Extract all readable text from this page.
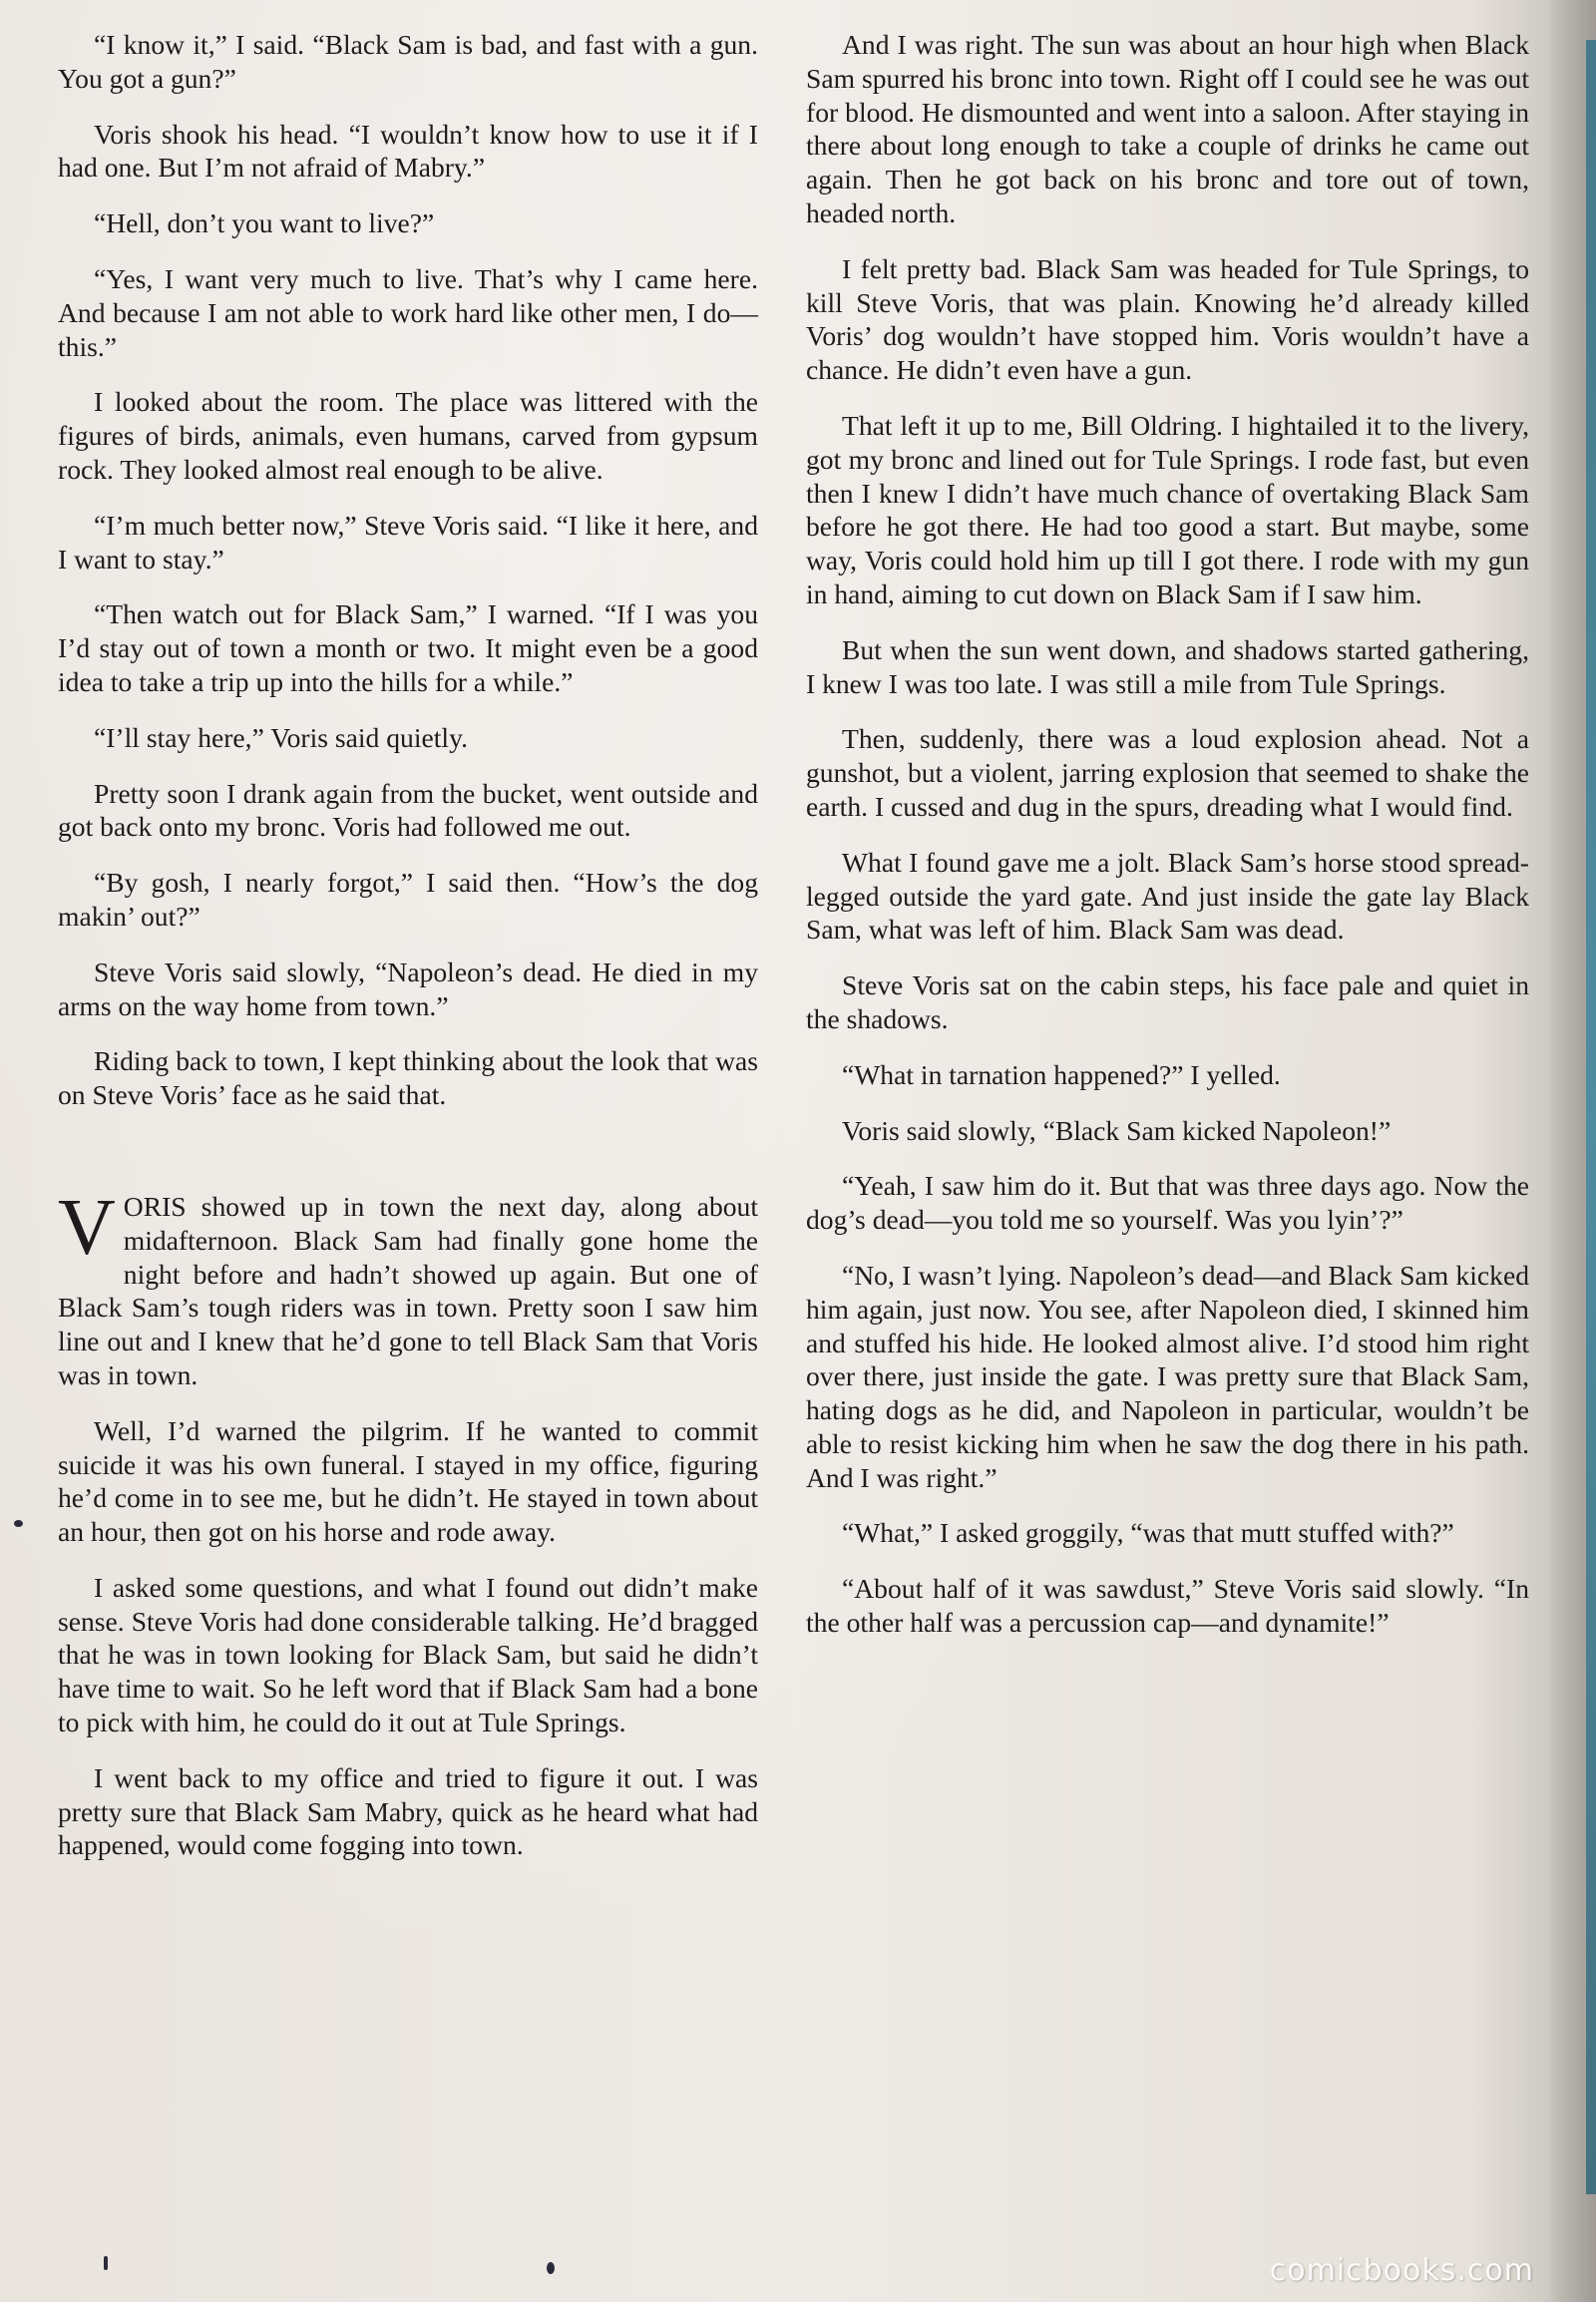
“I know it,” I said. “Black Sam is bad, and fast with a gun. You got a gun?”

Voris shook his head. “I wouldn’t know how to use it if I had one. But I’m not afraid of Mabry.”

“Hell, don’t you want to live?”

“Yes, I want very much to live. That’s why I came here. And because I am not able to work hard like other men, I do—this.”

I looked about the room. The place was littered with the figures of birds, animals, even humans, carved from gypsum rock. They looked almost real enough to be alive.

“I’m much better now,” Steve Voris said. “I like it here, and I want to stay.”

“Then watch out for Black Sam,” I warned. “If I was you I’d stay out of town a month or two. It might even be a good idea to take a trip up into the hills for a while.”

“I’ll stay here,” Voris said quietly.

Pretty soon I drank again from the bucket, went outside and got back onto my bronc. Voris had followed me out.

“By gosh, I nearly forgot,” I said then. “How’s the dog makin’ out?”

Steve Voris said slowly, “Napoleon’s dead. He died in my arms on the way home from town.”

Riding back to town, I kept thinking about the look that was on Steve Voris’ face as he said that.

VORIS showed up in town the next day, along about midafternoon. Black Sam had finally gone home the night before and hadn’t showed up again. But one of Black Sam’s tough riders was in town. Pretty soon I saw him line out and I knew that he’d gone to tell Black Sam that Voris was in town.

Well, I’d warned the pilgrim. If he wanted to commit suicide it was his own funeral. I stayed in my office, figuring he’d come in to see me, but he didn’t. He stayed in town about an hour, then got on his horse and rode away.

I asked some questions, and what I found out didn’t make sense. Steve Voris had done considerable talking. He’d bragged that he was in town looking for Black Sam, but said he didn’t have time to wait. So he left word that if Black Sam had a bone to pick with him, he could do it out at Tule Springs.

I went back to my office and tried to figure it out. I was pretty sure that Black Sam Mabry, quick as he heard what had happened, would come fogging into town.

And I was right. The sun was about an hour high when Black Sam spurred his bronc into town. Right off I could see he was out for blood. He dismounted and went into a saloon. After staying in there about long enough to take a couple of drinks he came out again. Then he got back on his bronc and tore out of town, headed north.

I felt pretty bad. Black Sam was headed for Tule Springs, to kill Steve Voris, that was plain. Knowing he’d already killed Voris’ dog wouldn’t have stopped him. Voris wouldn’t have a chance. He didn’t even have a gun.

That left it up to me, Bill Oldring. I hightailed it to the livery, got my bronc and lined out for Tule Springs. I rode fast, but even then I knew I didn’t have much chance of overtaking Black Sam before he got there. He had too good a start. But maybe, some way, Voris could hold him up till I got there. I rode with my gun in hand, aiming to cut down on Black Sam if I saw him.

But when the sun went down, and shadows started gathering, I knew I was too late. I was still a mile from Tule Springs.

Then, suddenly, there was a loud explosion ahead. Not a gunshot, but a violent, jarring explosion that seemed to shake the earth. I cussed and dug in the spurs, dreading what I would find.

What I found gave me a jolt. Black Sam’s horse stood spread-legged outside the yard gate. And just inside the gate lay Black Sam, what was left of him. Black Sam was dead.

Steve Voris sat on the cabin steps, his face pale and quiet in the shadows.

“What in tarnation happened?” I yelled.

Voris said slowly, “Black Sam kicked Napoleon!”

“Yeah, I saw him do it. But that was three days ago. Now the dog’s dead—you told me so yourself. Was you lyin’?”

“No, I wasn’t lying. Napoleon’s dead—and Black Sam kicked him again, just now. You see, after Napoleon died, I skinned him and stuffed his hide. He looked almost alive. I’d stood him right over there, just inside the gate. I was pretty sure that Black Sam, hating dogs as he did, and Napoleon in particular, wouldn’t be able to resist kicking him when he saw the dog there in his path. And I was right.”

“What,” I asked groggily, “was that mutt stuffed with?”

“About half of it was sawdust,” Steve Voris said slowly. “In the other half was a percussion cap—and dynamite!”

comicbooks.com
